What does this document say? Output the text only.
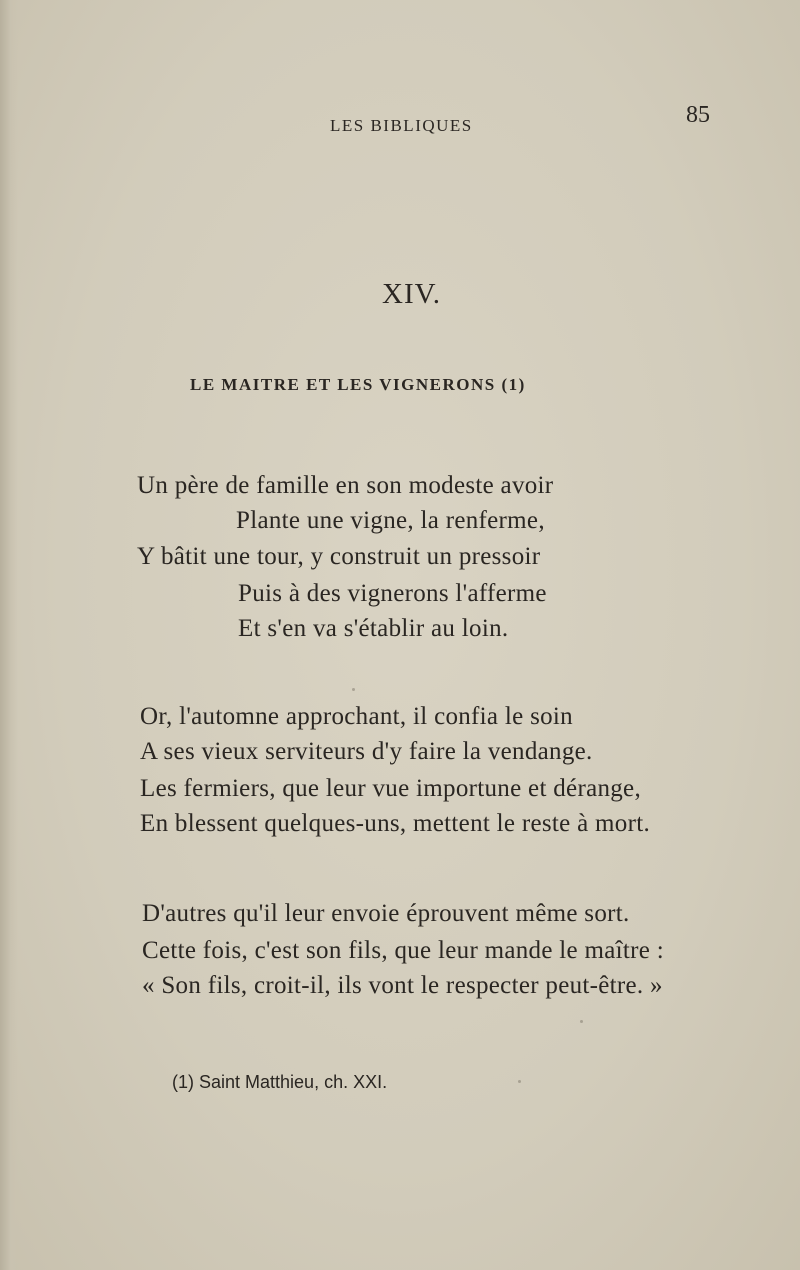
LES BIBLIQUES	85
XIV.
LE MAITRE ET LES VIGNERONS (1)
Un père de famille en son modeste avoir
Plante une vigne, la renferme,
Y bâtit une tour, y construit un pressoir
Puis à des vignerons l'afferme
Et s'en va s'établir au loin.
Or, l'automne approchant, il confia le soin
A ses vieux serviteurs d'y faire la vendange.
Les fermiers, que leur vue importune et dérange,
En blessent quelques-uns, mettent le reste à mort.
D'autres qu'il leur envoie éprouvent même sort.
Cette fois, c'est son fils, que leur mande le maître :
« Son fils, croit-il, ils vont le respecter peut-être. »
(1) Saint Matthieu, ch. XXI.
